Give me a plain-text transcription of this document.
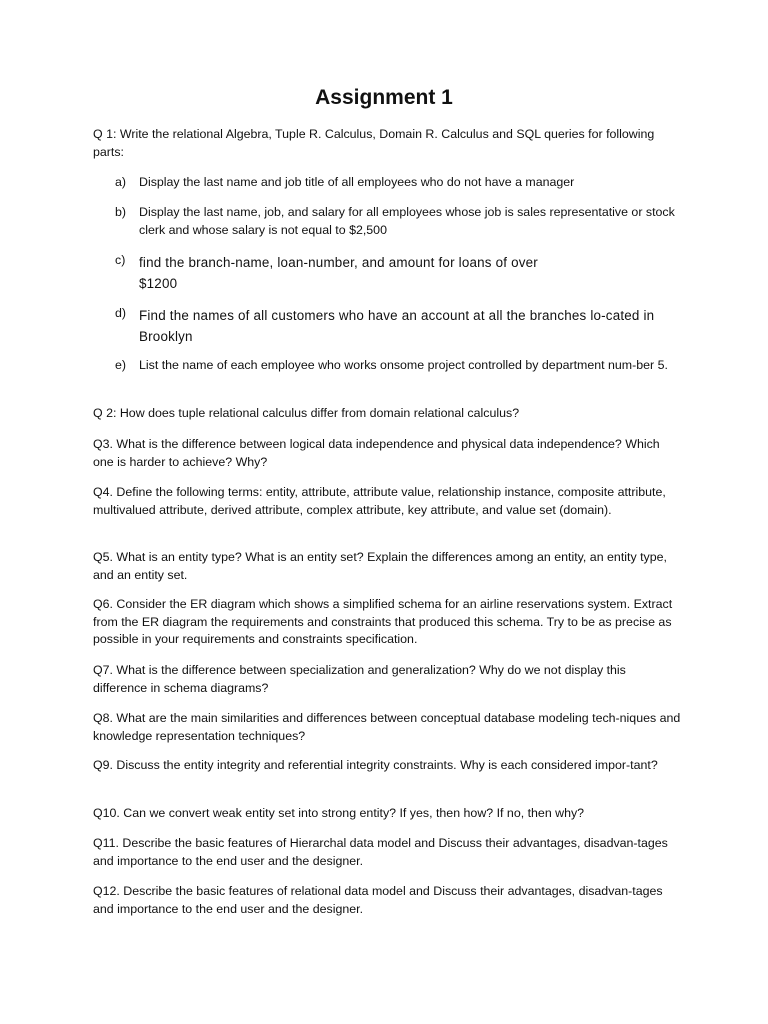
Assignment 1

Q 1: Write the relational Algebra, Tuple R. Calculus, Domain R. Calculus and SQL queries for following parts:

a) Display the last name and job title of all employees who do not have a manager
b) Display the last name, job, and salary for all employees whose job is sales representative or stock clerk and whose salary is not equal to $2,500
c) find the branch-name, loan-number, and amount for loans of over $1200
d) Find the names of all customers who have an account at all the branches lo-cated in Brooklyn
e) List the name of each employee who works onsome project controlled by department num-ber 5.

Q 2: How does tuple relational calculus differ from domain relational calculus?

Q3. What is the difference between logical data independence and physical data independence? Which one is harder to achieve? Why?

Q4. Define the following terms: entity, attribute, attribute value, relationship instance, composite attribute, multivalued attribute, derived attribute, complex attribute, key attribute, and value set (domain).

Q5. What is an entity type? What is an entity set? Explain the differences among an entity, an entity type, and an entity set.

Q6. Consider the ER diagram which shows a simplified schema for an airline reservations system. Extract from the ER diagram the requirements and constraints that produced this schema. Try to be as precise as possible in your requirements and constraints specification.

Q7. What is the difference between specialization and generalization? Why do we not display this difference in schema diagrams?

Q8. What are the main similarities and differences between conceptual database modeling tech-niques and knowledge representation techniques?

Q9. Discuss the entity integrity and referential integrity constraints. Why is each considered impor-tant?

Q10. Can we convert weak entity set into strong entity? If yes, then how? If no, then why?

Q11. Describe the basic features of Hierarchal data model and Discuss their advantages, disadvan-tages and importance to the end user and the designer.

Q12. Describe the basic features of relational data model and Discuss their advantages, disadvan-tages and importance to the end user and the designer.
